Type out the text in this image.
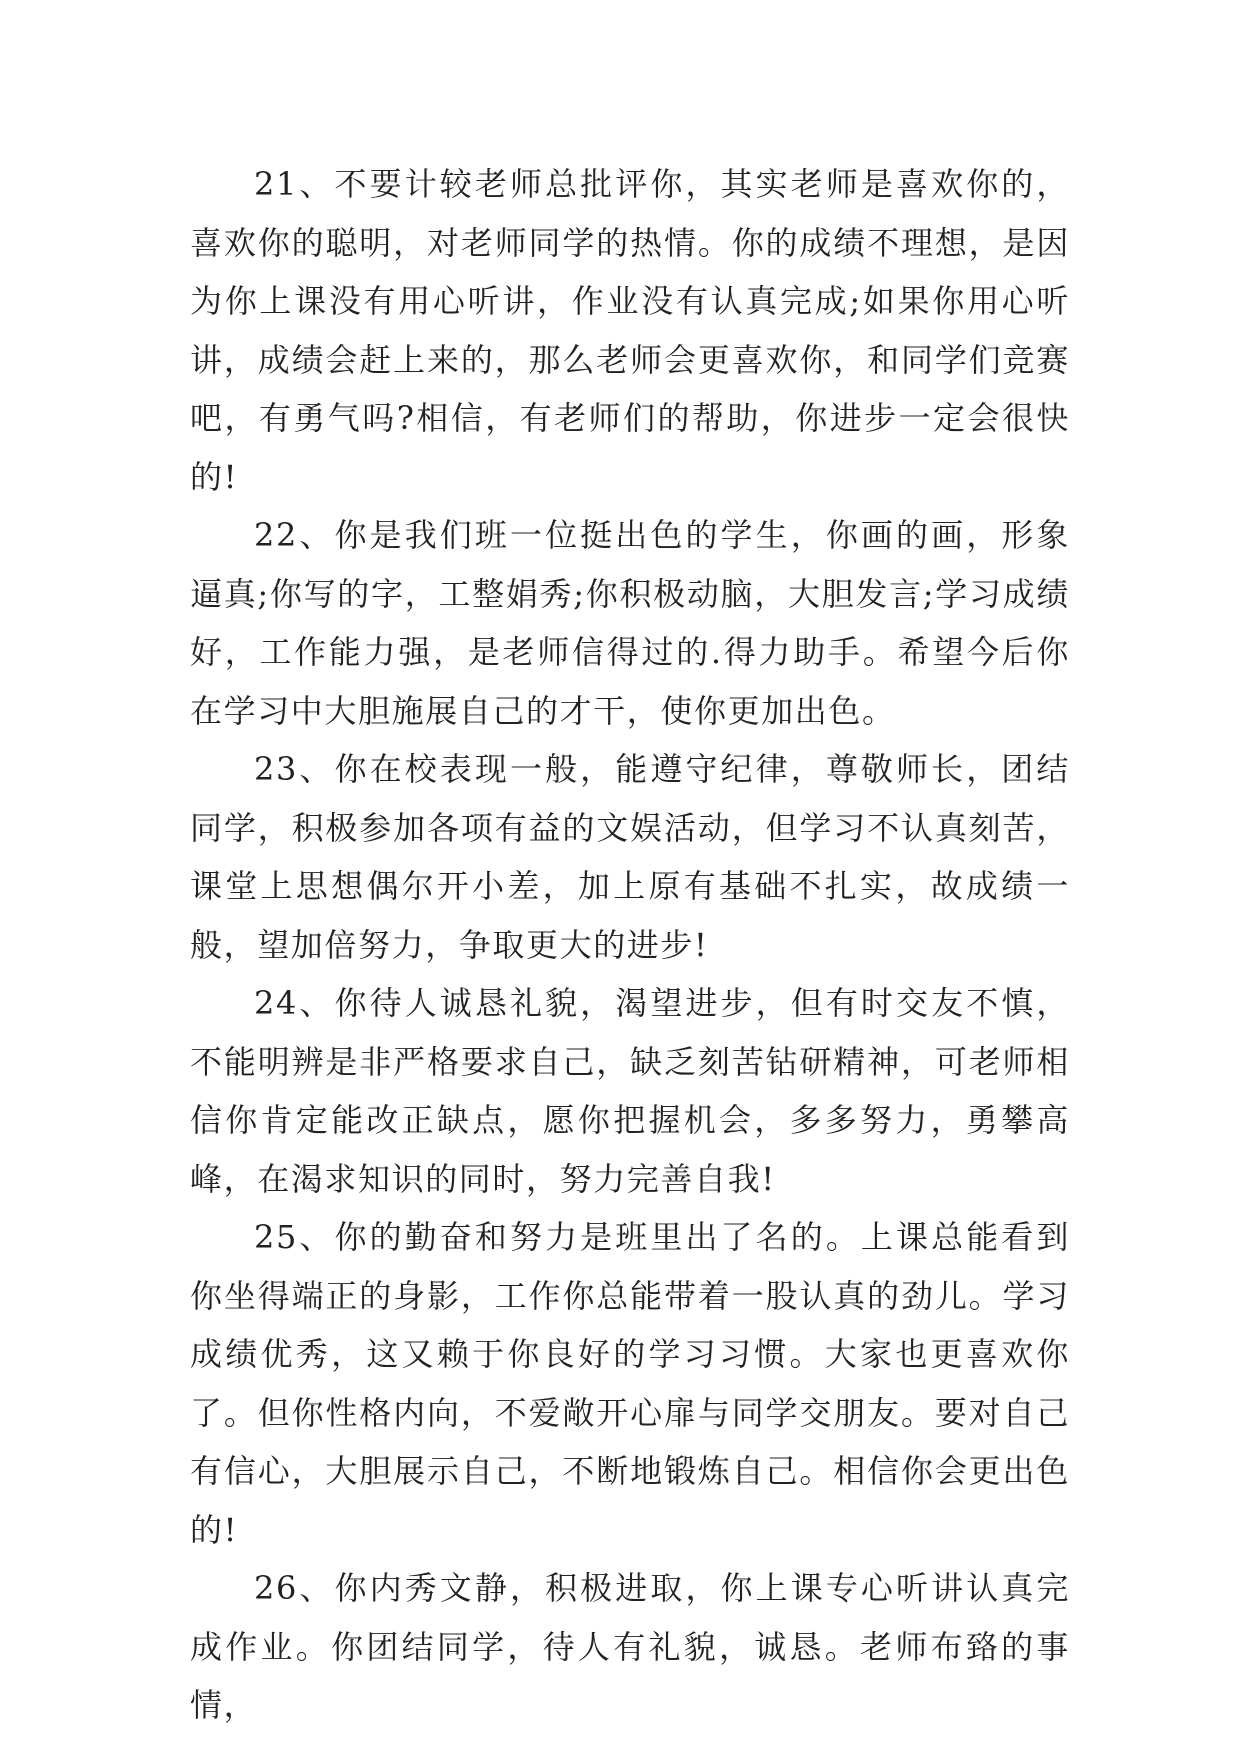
21、不要计较老师总批评你，其实老师是喜欢你的，喜欢你的聪明，对老师同学的热情。你的成绩不理想，是因为你上课没有用心听讲，作业没有认真完成;如果你用心听讲，成绩会赶上来的，那么老师会更喜欢你，和同学们竞赛吧，有勇气吗?相信，有老师们的帮助，你进步一定会很快的!

22、你是我们班一位挺出色的学生，你画的画，形象逼真;你写的字，工整娟秀;你积极动脑，大胆发言;学习成绩好，工作能力强，是老师信得过的.得力助手。希望今后你在学习中大胆施展自己的才干，使你更加出色。

23、你在校表现一般，能遵守纪律，尊敬师长，团结同学，积极参加各项有益的文娱活动，但学习不认真刻苦，课堂上思想偶尔开小差，加上原有基础不扎实，故成绩一般，望加倍努力，争取更大的进步!

24、你待人诚恳礼貌，渴望进步，但有时交友不慎，不能明辨是非严格要求自己，缺乏刻苦钻研精神，可老师相信你肯定能改正缺点，愿你把握机会，多多努力，勇攀高峰，在渴求知识的同时，努力完善自我!

25、你的勤奋和努力是班里出了名的。上课总能看到你坐得端正的身影，工作你总能带着一股认真的劲儿。学习成绩优秀，这又赖于你良好的学习习惯。大家也更喜欢你了。但你性格内向，不爱敞开心扉与同学交朋友。要对自己有信心，大胆展示自己，不断地锻炼自己。相信你会更出色的!

26、你内秀文静，积极进取，你上课专心听讲认真完成作业。你团结同学，待人有礼貌，诚恳。老师布臵的事情，
